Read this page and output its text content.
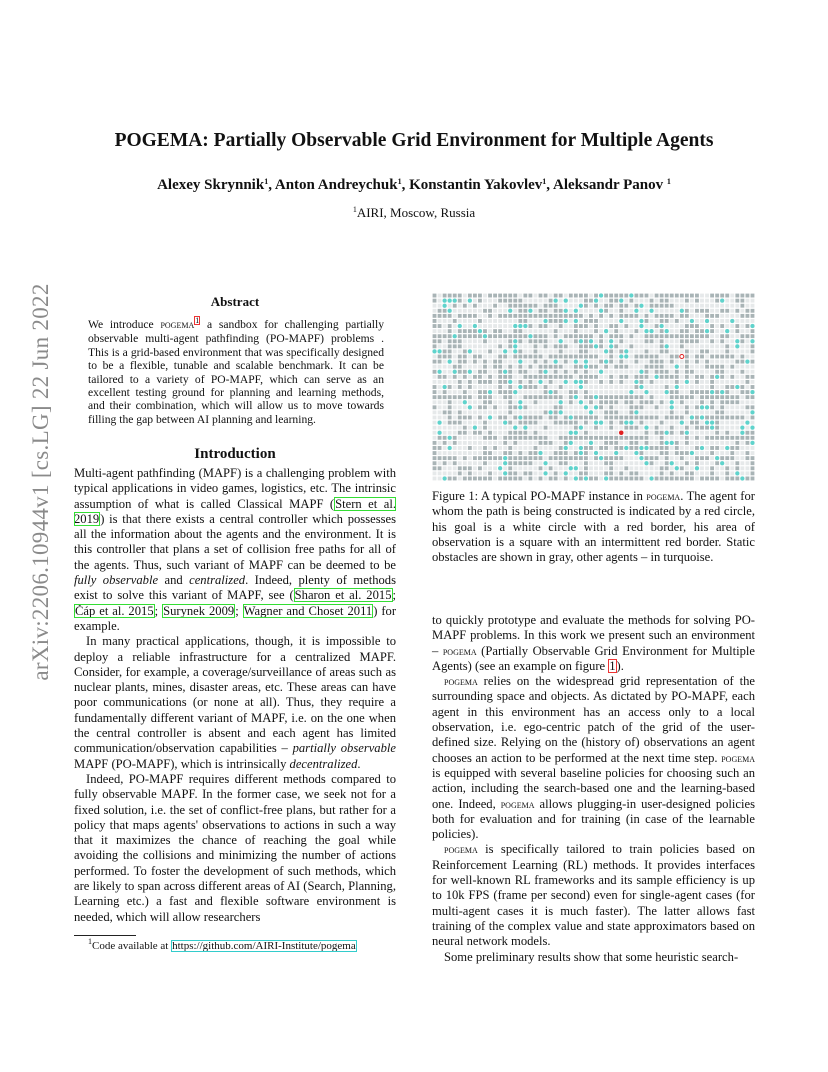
arXiv:2206.10944v1 [cs.LG] 22 Jun 2022
POGEMA: Partially Observable Grid Environment for Multiple Agents
Alexey Skrynnik$^1$, Anton Andreychuk$^1$, Konstantin Yakovlev$^1$, Aleksandr Panov $^1$
$^1$AIRI, Moscow, Russia
Abstract
We introduce pogema$^1$ a sandbox for challenging partially observable multi-agent pathfinding (PO-MAPF) problems . This is a grid-based environment that was specifically designed to be a flexible, tunable and scalable benchmark. It can be tailored to a variety of PO-MAPF, which can serve as an excellent testing ground for planning and learning methods, and their combination, which will allow us to move towards filling the gap between AI planning and learning.
Introduction

Multi-agent pathfinding (MAPF) is a challenging problem with typical applications in video games, logistics, etc. The intrinsic assumption of what is called Classical MAPF (Stern et al. 2019) is that there exists a central controller which possesses all the information about the agents and the environment. It is this controller that plans a set of collision free paths for all of the agents. Thus, such variant of MAPF can be deemed to be fully observable and centralized. Indeed, plenty of methods exist to solve this variant of MAPF, see (Sharon et al. 2015; Čáp et al. 2015; Surynek 2009; Wagner and Choset 2011) for example.

In many practical applications, though, it is impossible to deploy a reliable infrastructure for a centralized MAPF. Consider, for example, a coverage/surveillance of areas such as nuclear plants, mines, disaster areas, etc. These areas can have poor communications (or none at all). Thus, they require a fundamentally different variant of MAPF, i.e. on the one when the central controller is absent and each agent has limited communication/observation capabilities – partially observable MAPF (PO-MAPF), which is intrinsically decentralized.

Indeed, PO-MAPF requires different methods compared to fully observable MAPF. In the former case, we seek not for a fixed solution, i.e. the set of conflict-free plans, but rather for a policy that maps agents' observations to actions in such a way that it maximizes the chance of reaching the goal while avoiding the collisions and minimizing the number of actions performed. To foster the development of such methods, which are likely to span across different areas of AI (Search, Planning, Learning etc.) a fast and flexible software environment is needed, which will allow researchers

$^1$Code available at https://github.com/AIRI-Institute/pogema
Figure 1: A typical PO-MAPF instance in pogema. The agent for whom the path is being constructed is indicated by a red circle, his goal is a white circle with a red border, his area of observation is a square with an intermittent red border. Static obstacles are shown in gray, other agents – in turquoise.

to quickly prototype and evaluate the methods for solving PO-MAPF problems. In this work we present such an environment – pogema (Partially Observable Grid Environment for Multiple Agents) (see an example on figure 1).

pogema relies on the widespread grid representation of the surrounding space and objects. As dictated by PO-MAPF, each agent in this environment has an access only to a local observation, i.e. ego-centric patch of the grid of the user-defined size. Relying on the (history of) observations an agent chooses an action to be performed at the next time step. pogema is equipped with several baseline policies for choosing such an action, including the search-based one and the learning-based one. Indeed, pogema allows plugging-in user-designed policies both for evaluation and for training (in case of the learnable policies).

pogema is specifically tailored to train policies based on Reinforcement Learning (RL) methods. It provides interfaces for well-known RL frameworks and its sample efficiency is up to 10k FPS (frame per second) even for single-agent cases (for multi-agent cases it is much faster). The latter allows fast training of the complex value and state approximators based on neural network models.

Some preliminary results show that some heuristic search-
